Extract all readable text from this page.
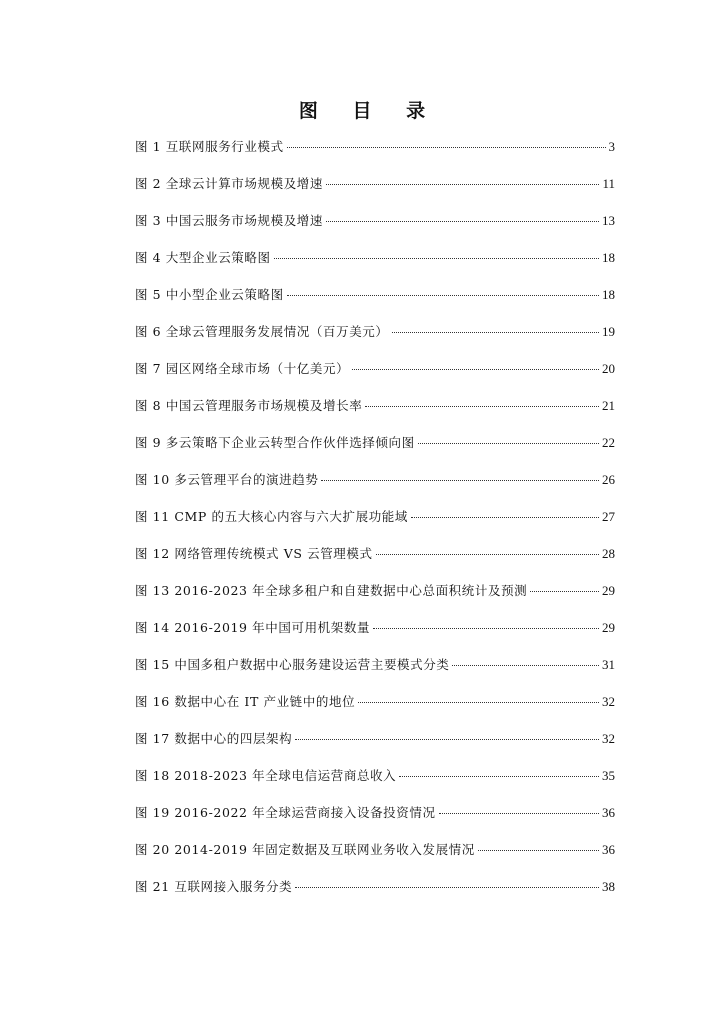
图 目 录
图 1 互联网服务行业模式	3
图 2 全球云计算市场规模及增速	11
图 3 中国云服务市场规模及增速	13
图 4 大型企业云策略图	18
图 5 中小型企业云策略图	18
图 6 全球云管理服务发展情况（百万美元）	19
图 7 园区网络全球市场（十亿美元）	20
图 8 中国云管理服务市场规模及增长率	21
图 9 多云策略下企业云转型合作伙伴选择倾向图	22
图 10 多云管理平台的演进趋势	26
图 11 CMP 的五大核心内容与六大扩展功能域	27
图 12 网络管理传统模式 VS 云管理模式	28
图 13 2016-2023 年全球多租户和自建数据中心总面积统计及预测	29
图 14 2016-2019 年中国可用机架数量	29
图 15 中国多租户数据中心服务建设运营主要模式分类	31
图 16 数据中心在 IT 产业链中的地位	32
图 17 数据中心的四层架构	32
图 18 2018-2023 年全球电信运营商总收入	35
图 19 2016-2022 年全球运营商接入设备投资情况	36
图 20 2014-2019 年固定数据及互联网业务收入发展情况	36
图 21 互联网接入服务分类	38
